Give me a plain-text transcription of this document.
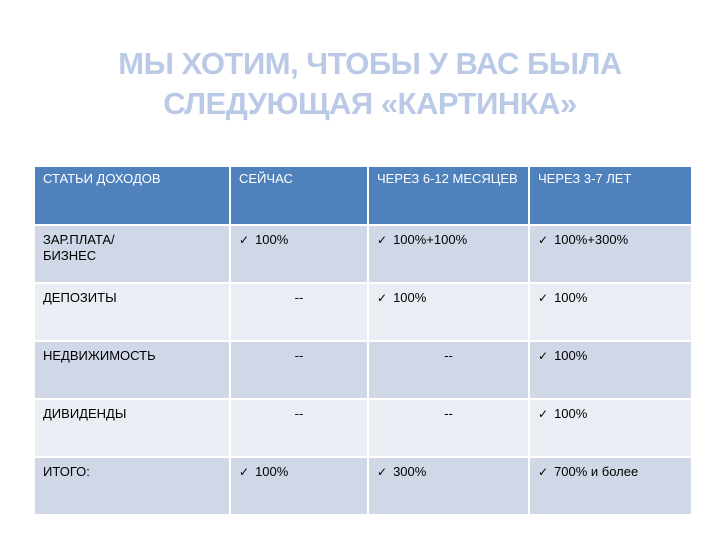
МЫ ХОТИМ, ЧТОБЫ У ВАС БЫЛА
СЛЕДУЮЩАЯ «КАРТИНКА»
СТАТЬИ ДОХОДОВ	СЕЙЧАС	ЧЕРЕЗ 6-12 МЕСЯЦЕВ	ЧЕРЕЗ 3-7 ЛЕТ
ЗАР.ПЛАТА/ БИЗНЕС	✓ 100%	✓ 100%+100%	✓ 100%+300%
ДЕПОЗИТЫ	--	✓ 100%	✓ 100%
НЕДВИЖИМОСТЬ	--	--	✓ 100%
ДИВИДЕНДЫ	--	--	✓ 100%
ИТОГО:	✓ 100%	✓ 300%	✓ 700% и более
